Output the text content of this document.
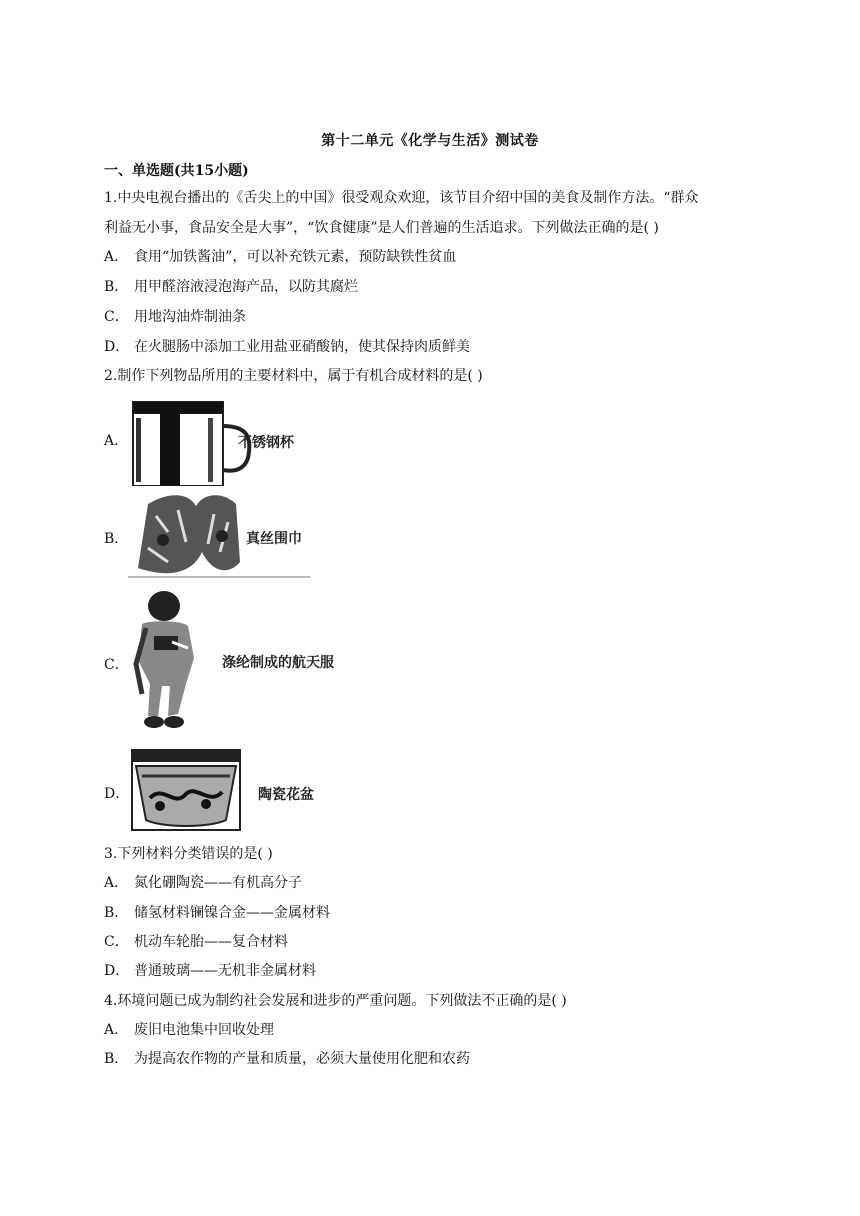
第十二单元《化学与生活》测试卷
一、单选题(共15小题)
1.中央电视台播出的《舌尖上的中国》很受观众欢迎，该节目介绍中国的美食及制作方法。“群众
利益无小事，食品安全是大事”，“饮食健康”是人们普遍的生活追求。下列做法正确的是( )
A． 食用“加铁酱油”，可以补充铁元素，预防缺铁性贫血
B． 用甲醛溶液浸泡海产品，以防其腐烂
C． 用地沟油炸制油条
D． 在火腿肠中添加工业用盐亚硝酸钠，使其保持肉质鲜美
2.制作下列物品所用的主要材料中，属于有机合成材料的是( )
A．	不锈钢杯
B．	真丝围巾
C．	涤纶制成的航天服
D．	陶瓷花盆
3.下列材料分类错误的是( )
A． 氮化硼陶瓷——有机高分子
B． 储氢材料镧镍合金——金属材料
C． 机动车轮胎——复合材料
D． 普通玻璃——无机非金属材料
4.环境问题已成为制约社会发展和进步的严重问题。下列做法不正确的是( )
A． 废旧电池集中回收处理
B． 为提高农作物的产量和质量，必须大量使用化肥和农药
